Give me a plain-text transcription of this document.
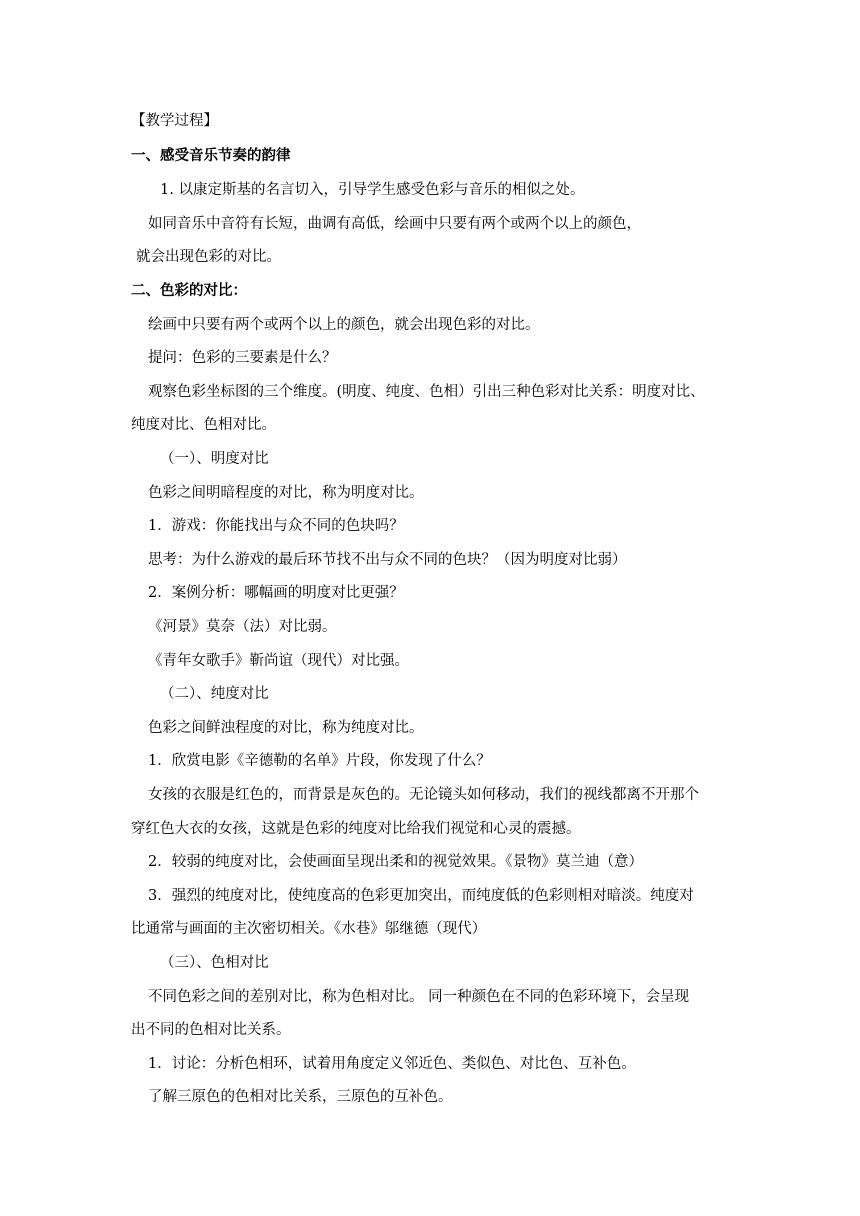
【教学过程】
一、感受音乐节奏的韵律
1. 以康定斯基的名言切入，引导学生感受色彩与音乐的相似之处。
如同音乐中音符有长短，曲调有高低，绘画中只要有两个或两个以上的颜色，
就会出现色彩的对比。
二、色彩的对比：
绘画中只要有两个或两个以上的颜色，就会出现色彩的对比。
提问：色彩的三要素是什么？
观察色彩坐标图的三个维度。(明度、纯度、色相）引出三种色彩对比关系：明度对比、
纯度对比、色相对比。
（一）、明度对比
色彩之间明暗程度的对比，称为明度对比。
1．游戏：你能找出与众不同的色块吗？
思考：为什么游戏的最后环节找不出与众不同的色块？（因为明度对比弱）
2．案例分析：哪幅画的明度对比更强？
《河景》莫奈（法）对比弱。
《青年女歌手》靳尚谊（现代）对比强。
（二）、纯度对比
色彩之间鲜浊程度的对比，称为纯度对比。
1．欣赏电影《辛德勒的名单》片段，你发现了什么？
女孩的衣服是红色的，而背景是灰色的。无论镜头如何移动，我们的视线都离不开那个
穿红色大衣的女孩，这就是色彩的纯度对比给我们视觉和心灵的震撼。
2．较弱的纯度对比，会使画面呈现出柔和的视觉效果。《景物》莫兰迪（意）
3．强烈的纯度对比，使纯度高的色彩更加突出，而纯度低的色彩则相对暗淡。纯度对
比通常与画面的主次密切相关。《水巷》邬继德（现代）
（三）、色相对比
不同色彩之间的差别对比，称为色相对比。 同一种颜色在不同的色彩环境下，会呈现
出不同的色相对比关系。
1．讨论：分析色相环，试着用角度定义邻近色、类似色、对比色、互补色。
了解三原色的色相对比关系，三原色的互补色。
